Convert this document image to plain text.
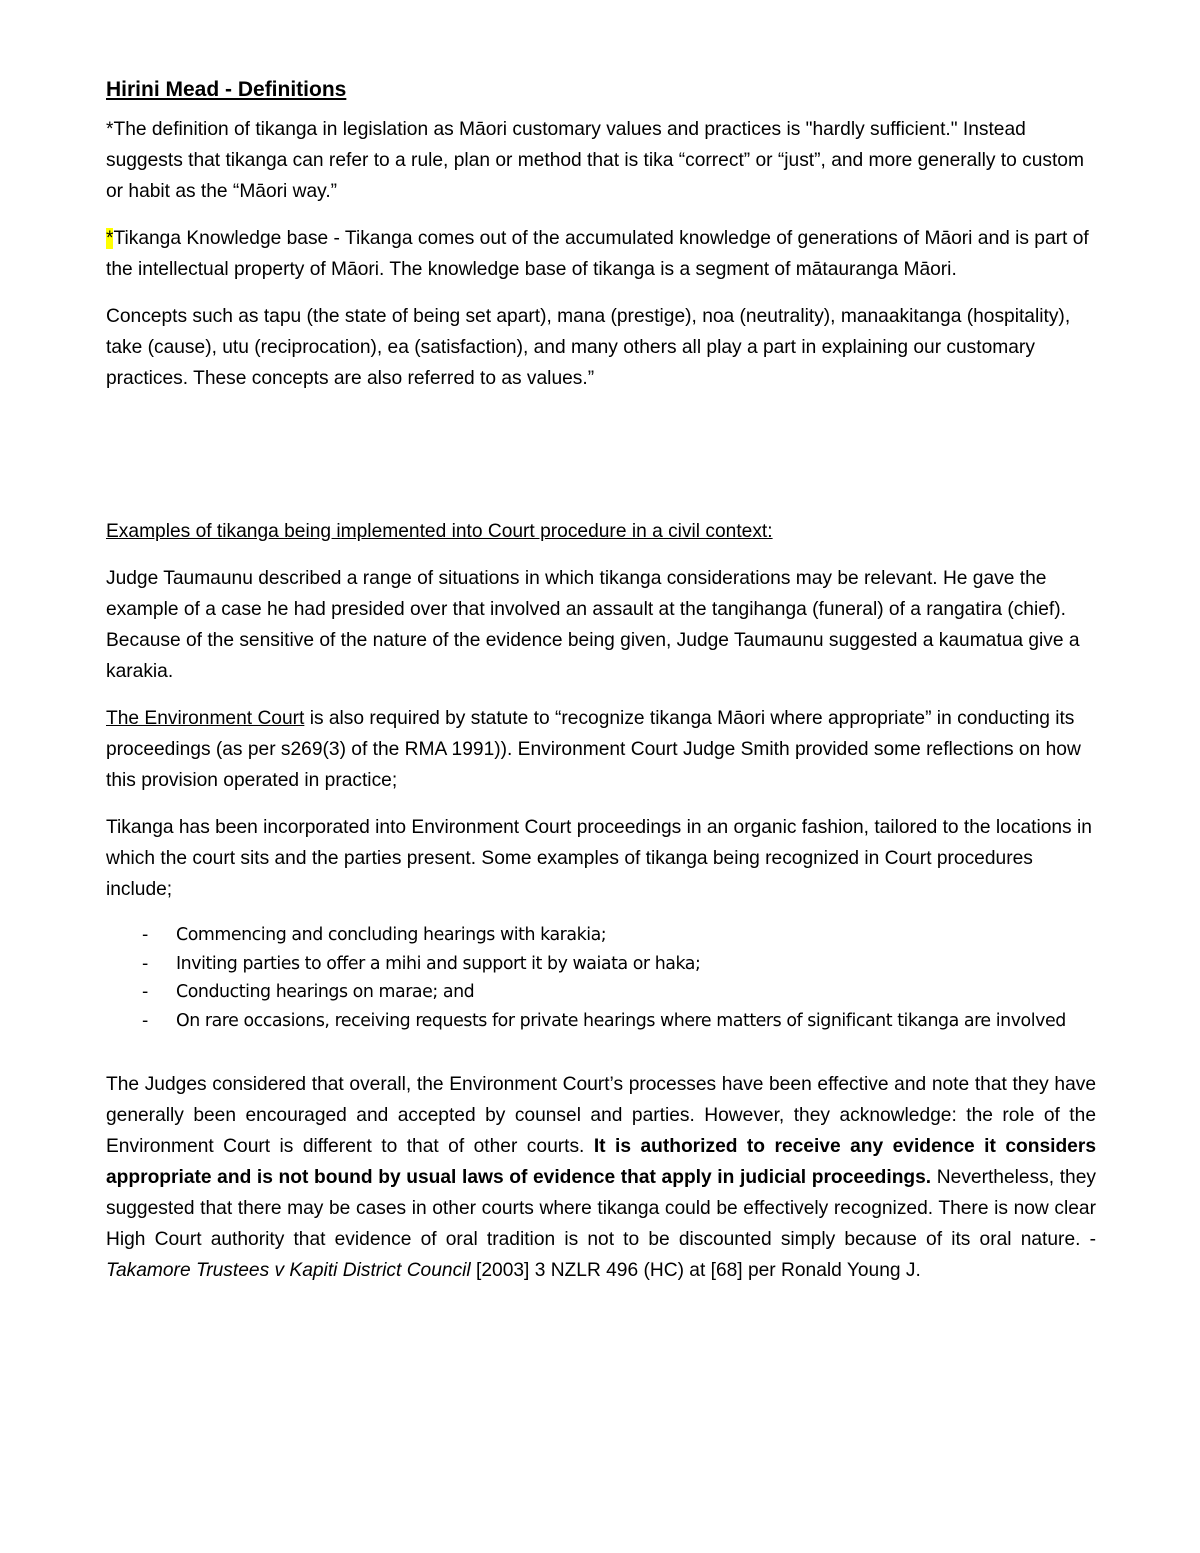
Hirini Mead - Definitions

*The definition of tikanga in legislation as Māori customary values and practices is "hardly sufficient." Instead suggests that tikanga can refer to a rule, plan or method that is tika “correct” or “just”, and more generally to custom or habit as the “Māori way.”

*Tikanga Knowledge base - Tikanga comes out of the accumulated knowledge of generations of Māori and is part of the intellectual property of Māori. The knowledge base of tikanga is a segment of mātauranga Māori.

Concepts such as tapu (the state of being set apart), mana (prestige), noa (neutrality), manaakitanga (hospitality), take (cause), utu (reciprocation), ea (satisfaction), and many others all play a part in explaining our customary practices. These concepts are also referred to as values.”

Examples of tikanga being implemented into Court procedure in a civil context:

Judge Taumaunu described a range of situations in which tikanga considerations may be relevant. He gave the example of a case he had presided over that involved an assault at the tangihanga (funeral) of a rangatira (chief). Because of the sensitive of the nature of the evidence being given, Judge Taumaunu suggested a kaumatua give a karakia.

The Environment Court is also required by statute to “recognize tikanga Māori where appropriate” in conducting its proceedings (as per s269(3) of the RMA 1991)). Environment Court Judge Smith provided some reflections on how this provision operated in practice;

Tikanga has been incorporated into Environment Court proceedings in an organic fashion, tailored to the locations in which the court sits and the parties present. Some examples of tikanga being recognized in Court procedures include;

- Commencing and concluding hearings with karakia;
- Inviting parties to offer a mihi and support it by waiata or haka;
- Conducting hearings on marae; and
- On rare occasions, receiving requests for private hearings where matters of significant tikanga are involved

The Judges considered that overall, the Environment Court’s processes have been effective and note that they have generally been encouraged and accepted by counsel and parties. However, they acknowledge: the role of the Environment Court is different to that of other courts. It is authorized to receive any evidence it considers appropriate and is not bound by usual laws of evidence that apply in judicial proceedings. Nevertheless, they suggested that there may be cases in other courts where tikanga could be effectively recognized. There is now clear High Court authority that evidence of oral tradition is not to be discounted simply because of its oral nature. - Takamore Trustees v Kapiti District Council [2003] 3 NZLR 496 (HC) at [68] per Ronald Young J.
